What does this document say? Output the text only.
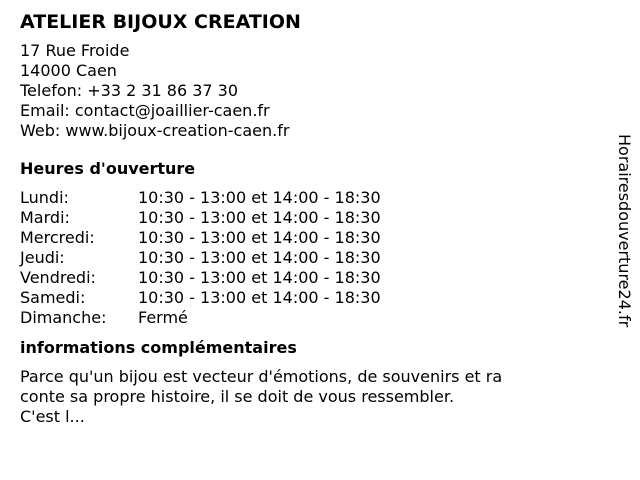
ATELIER BIJOUX CREATION
17 Rue Froide
14000 Caen
Telefon: +33 2 31 86 37 30
Email: contact@joaillier-caen.fr
Web: www.bijoux-creation-caen.fr
Heures d'ouverture
Lundi:	10:30 - 13:00 et 14:00 - 18:30
Mardi:	10:30 - 13:00 et 14:00 - 18:30
Mercredi:	10:30 - 13:00 et 14:00 - 18:30
Jeudi:	10:30 - 13:00 et 14:00 - 18:30
Vendredi:	10:30 - 13:00 et 14:00 - 18:30
Samedi:	10:30 - 13:00 et 14:00 - 18:30
Dimanche:	Fermé
informations complémentaires
Parce qu'un bijou est vecteur d'émotions, de souvenirs et ra
conte sa propre histoire, il se doit de vous ressembler.
C'est l...
Horairesdouverture24.fr
